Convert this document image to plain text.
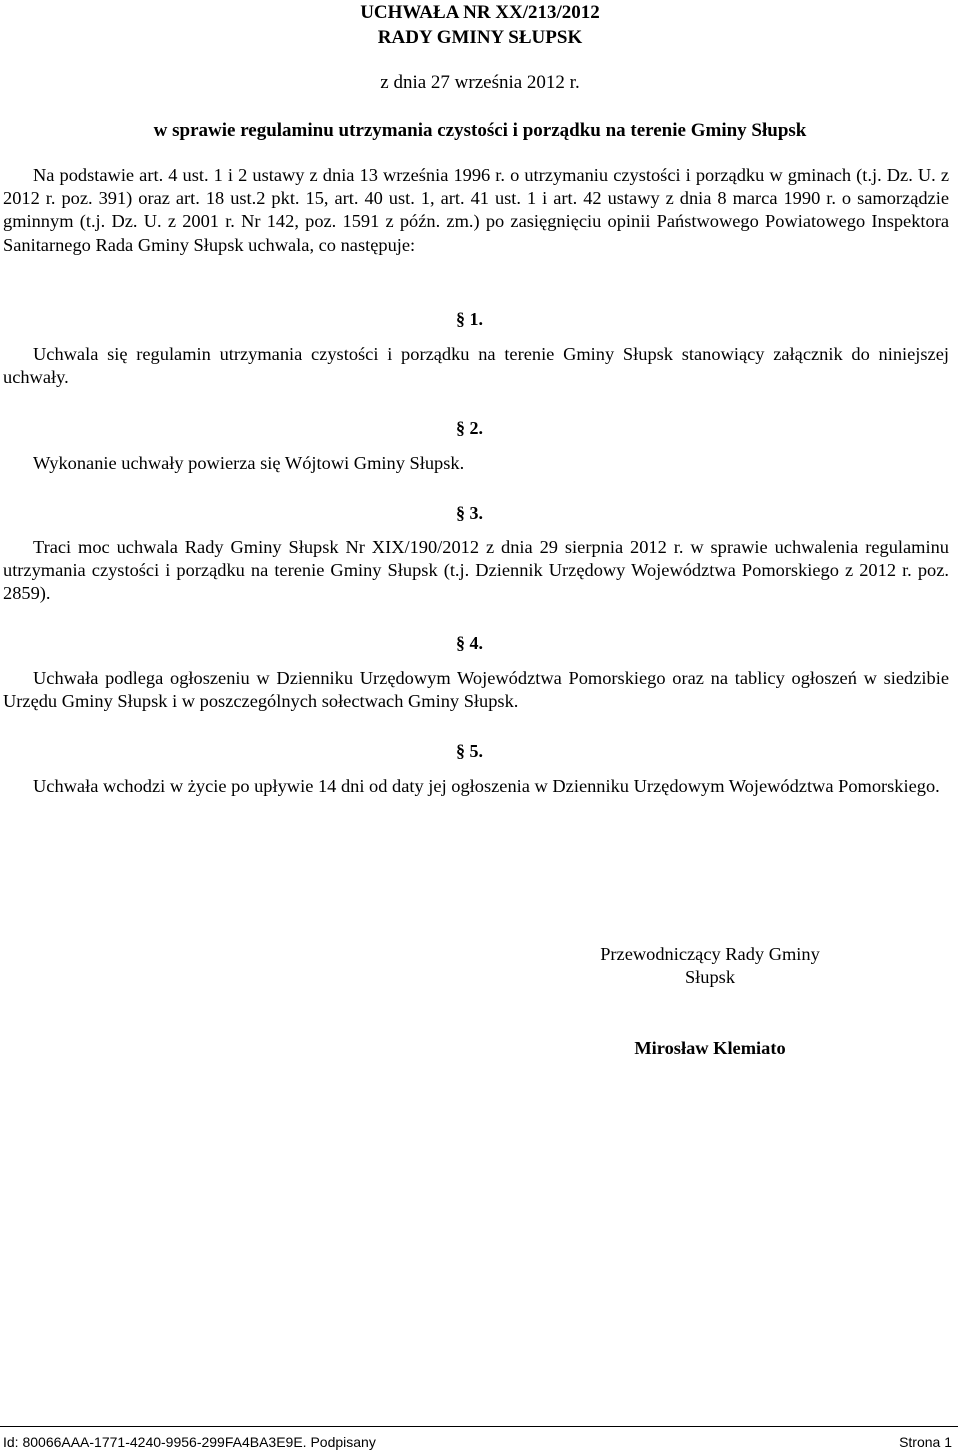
UCHWAŁA NR XX/213/2012
RADY GMINY SŁUPSK
z dnia 27 września 2012 r.
w sprawie regulaminu utrzymania czystości i porządku na terenie Gminy Słupsk
Na podstawie art. 4 ust. 1 i 2 ustawy z dnia 13 września 1996 r. o utrzymaniu czystości i porządku w gminach (t.j. Dz. U. z 2012 r. poz. 391) oraz art. 18 ust.2 pkt. 15, art. 40 ust. 1, art. 41 ust. 1 i art. 42 ustawy z dnia 8 marca 1990 r. o samorządzie gminnym (t.j. Dz. U. z 2001 r. Nr 142, poz. 1591 z późn. zm.) po zasięgnięciu opinii Państwowego Powiatowego Inspektora Sanitarnego Rada Gminy Słupsk uchwala, co następuje:
§ 1.
Uchwala się regulamin utrzymania czystości i porządku na terenie Gminy Słupsk stanowiący załącznik do niniejszej uchwały.
§ 2.
Wykonanie uchwały powierza się Wójtowi Gminy Słupsk.
§ 3.
Traci moc uchwala Rady Gminy Słupsk Nr XIX/190/2012 z dnia 29 sierpnia 2012 r. w sprawie uchwalenia regulaminu utrzymania czystości i porządku na terenie Gminy Słupsk (t.j. Dziennik Urzędowy Województwa Pomorskiego z 2012 r. poz. 2859).
§ 4.
Uchwała podlega ogłoszeniu w Dzienniku Urzędowym Województwa Pomorskiego oraz na tablicy ogłoszeń w siedzibie Urzędu Gminy Słupsk i w poszczególnych sołectwach Gminy Słupsk.
§ 5.
Uchwała wchodzi w życie po upływie 14 dni od daty jej ogłoszenia w Dzienniku Urzędowym Województwa Pomorskiego.
Przewodniczący Rady Gminy
Słupsk
Mirosław Klemiato
Id: 80066AAA-1771-4240-9956-299FA4BA3E9E. Podpisany	Strona 1
